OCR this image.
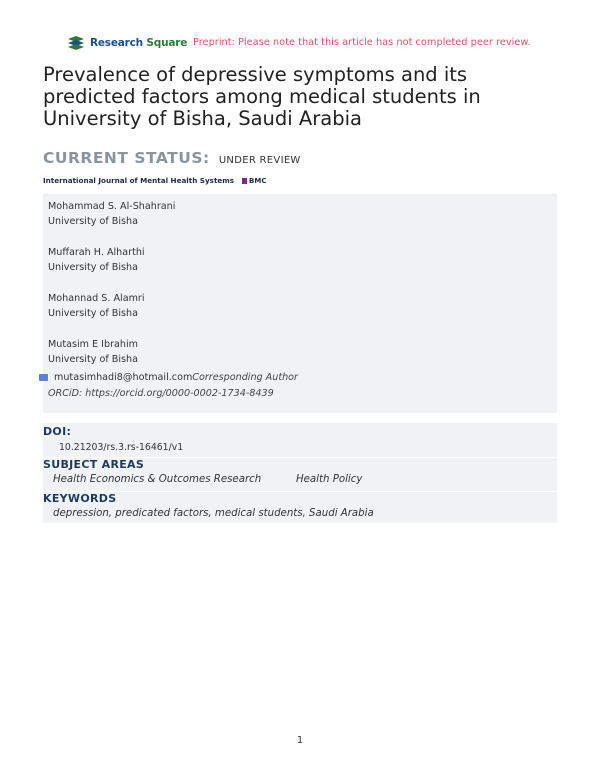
Research Square Preprint: Please note that this article has not completed peer review.
Prevalence of depressive symptoms and its predicted factors among medical students in University of Bisha, Saudi Arabia
CURRENT STATUS: UNDER REVIEW
International Journal of Mental Health Systems BMC
Mohammad S. Al-Shahrani
University of Bisha
Muffarah H. Alharthi
University of Bisha
Mohannad S. Alamri
University of Bisha
Mutasim E Ibrahim
University of Bisha
mutasimhadi8@hotmail.com Corresponding Author
ORCiD: https://orcid.org/0000-0002-1734-8439
DOI:
10.21203/rs.3.rs-16461/v1
SUBJECT AREAS
Health Economics & Outcomes Research	Health Policy
KEYWORDS
depression, predicated factors, medical students, Saudi Arabia
1
